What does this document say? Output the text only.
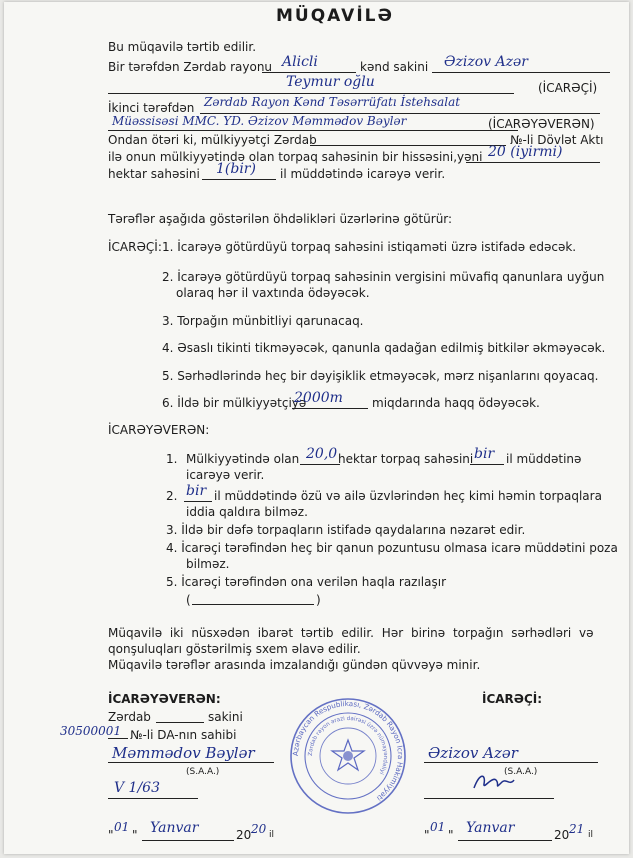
MÜQAVİLƏ
Bu müqavilə tərtib edilir.
Bir tərəfdən Zərdab rayonu Alicli	kənd sakini Əzizov Azər
Teymur oğlu	(İCARƏÇİ)
İkinci tərəfdən Zərdab Rayon Kənd Təsərrüfatı İstehsalat
Müəssisəsi MMC. YD. Əzizov Məmmədov Bəylər	(İCARƏYƏVERƏN)
Ondan ötəri ki, mülkiyyətçi Zərdab	№-li Dövlət Aktı
ilə onun mülkiyyətində olan torpaq sahəsinin bir hissəsini,yəni 20 (iyirmi)
hektar sahəsini 1(bir) il müddətində icarəyə verir.
Tərəflər aşağıda göstərilən öhdəlikləri üzərlərinə götürür:
İCARƏÇİ: 1. İcarəyə götürdüyü torpaq sahəsini istiqaməti üzrə istifadə edəcək.
2. İcarəyə götürdüyü torpaq sahəsinin vergisini müvafiq qanunlara uyğun
olaraq hər il vaxtında ödəyəcək.
3. Torpağın münbitliyi qarunacaq.
4. Əsaslı tikinti tikməyəcək, qanunla qadağan edilmiş bitkilər əkməyəcək.
5. Sərhədlərində heç bir dəyişiklik etməyəcək, mərz nişanlarını qoyacaq.
6. İldə bir mülkiyyətçiyə
2000m miqdarında haqq ödəyəcək.
İCARƏYƏVERƏN:
1. Mülkiyyətində olan 20,0 hektar torpaq sahəsini bir il müddətinə
icarəyə verir.
2. bir il müddətində özü və ailə üzvlərindən heç kimi həmin torpaqlara
iddia qaldıra bilməz.
3. İldə bir dəfə torpaqların istifadə qaydalarına nəzarət edir.
4. İcarəçi tərəfindən heç bir qanun pozuntusu olmasa icarə müddətini poza
bilməz.
5. İcarəçi tərəfindən ona verilən haqla razılaşır
(	)
Müqavilə iki nüsxədən ibarət tərtib edilir. Hər birinə torpağın sərhədləri və
qonşuluqları göstərilmiş sxem əlavə edilir.
Müqavilə tərəflər arasında imzalandığı gündən qüvvəyə minir.
İCARƏYƏVERƏN:
Zərdab	sakini
30500001 №-li DA-nın sahibi
Məmmədov Bəylər
(S.A.A.)
V 1/63
"
01
" Yanvar	20 20 il
Azərbaycan Respublikası, Zərdab Rayon İcra Hakimiyyəti
Zərdab rayon ərazi dairəsi üzrə nümayəndəliyi
İCARƏÇİ:
Əzizov Azər
(S.A.A.)
"
01
" Yanvar	20 21 il
